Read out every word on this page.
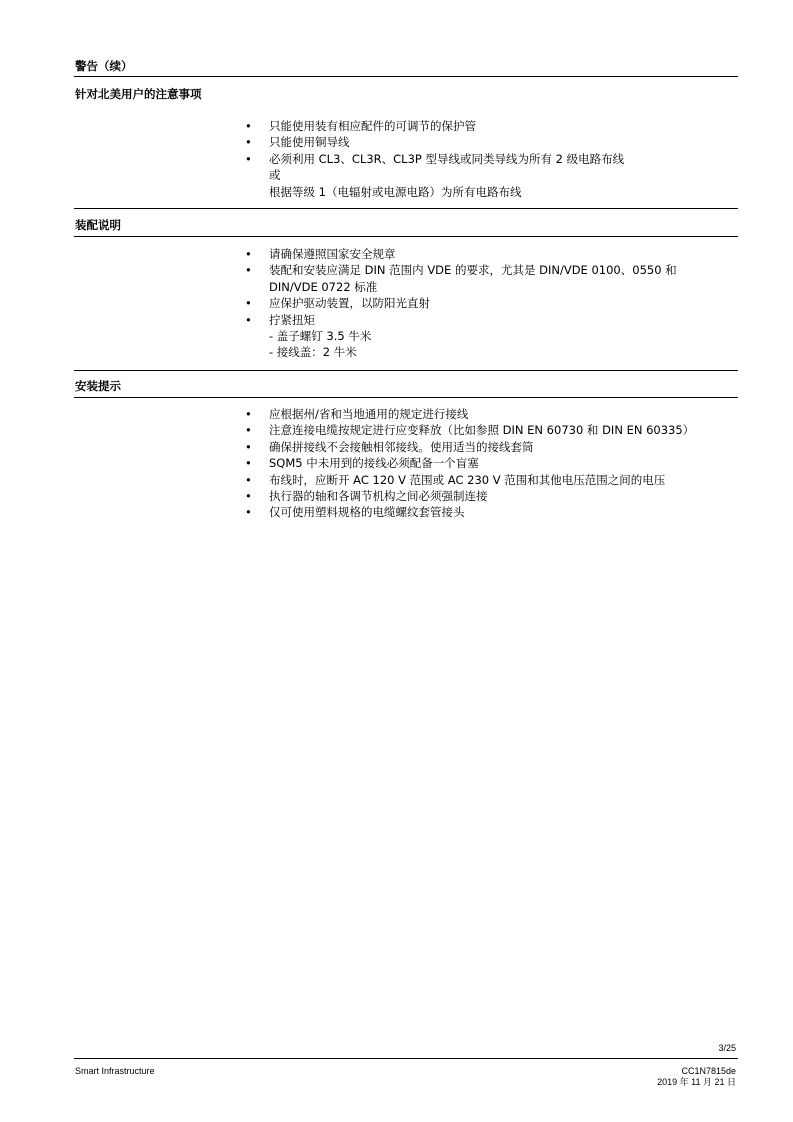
警告（续）
针对北美用户的注意事项
• 只能使用装有相应配件的可调节的保护管
• 只能使用铜导线
• 必须利用 CL3、CL3R、CL3P 型导线或同类导线为所有 2 级电路布线
或
根据等级 1（电辐射或电源电路）为所有电路布线
装配说明
• 请确保遵照国家安全规章
• 装配和安装应满足 DIN 范围内 VDE 的要求，尤其是 DIN/VDE 0100、0550 和
DIN/VDE 0722 标准
• 应保护驱动装置，以防阳光直射
• 拧紧扭矩
- 盖子螺钉 3.5 牛米
- 接线盖：2 牛米
安装提示
• 应根据州/省和当地通用的规定进行接线
• 注意连接电缆按规定进行应变释放（比如参照 DIN EN 60730 和 DIN EN 60335）
• 确保拼接线不会接触相邻接线。使用适当的接线套筒
• SQM5 中未用到的接线必须配备一个盲塞
• 布线时，应断开 AC 120 V 范围或 AC 230 V 范围和其他电压范围之间的电压
• 执行器的轴和各调节机构之间必须强制连接
• 仅可使用塑料规格的电缆螺纹套管接头
3/25
Smart Infrastructure	CC1N7815de
2019 年 11 月 21 日
